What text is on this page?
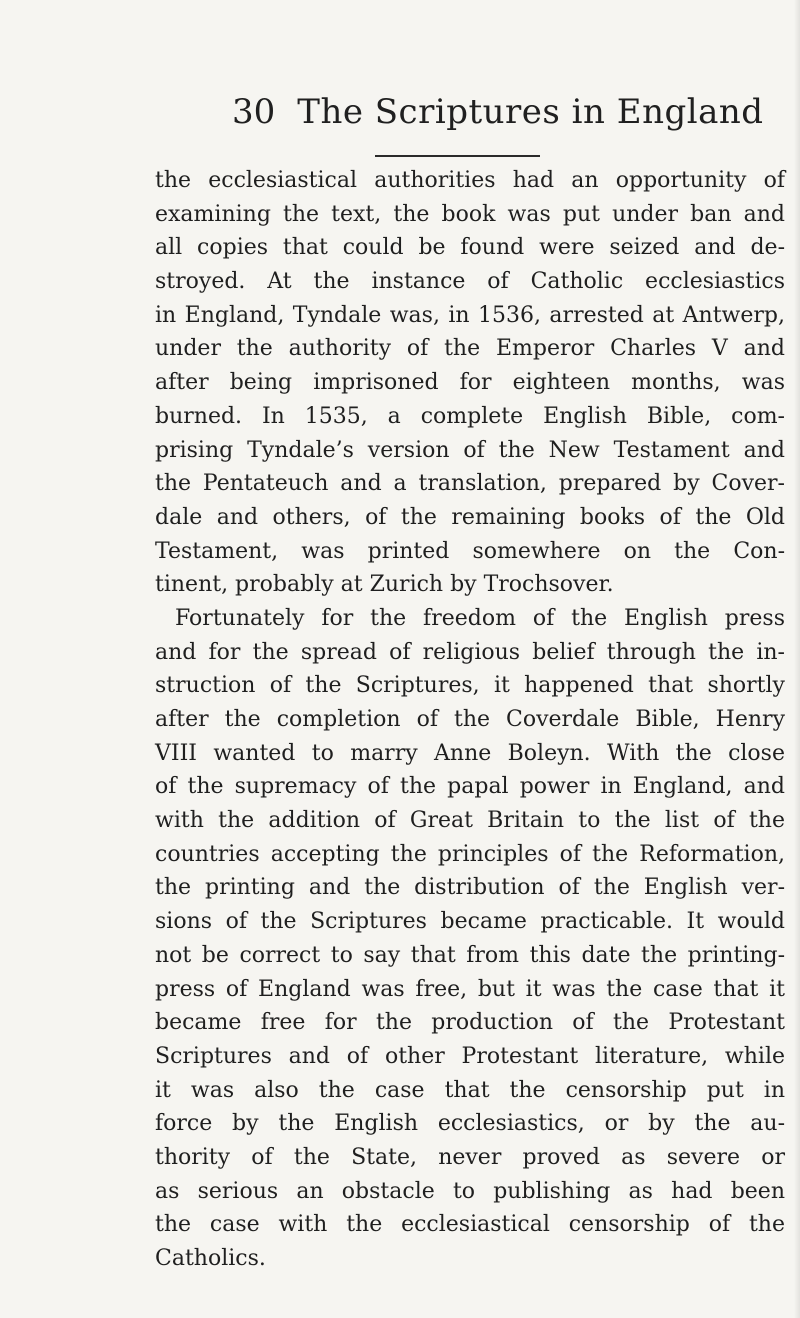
30 The Scriptures in England
the ecclesiastical authorities had an opportunity of
examining the text, the book was put under ban and
all copies that could be found were seized and de-
stroyed. At the instance of Catholic ecclesiastics
in England, Tyndale was, in 1536, arrested at Antwerp,
under the authority of the Emperor Charles V and
after being imprisoned for eighteen months, was
burned. In 1535, a complete English Bible, com-
prising Tyndale’s version of the New Testament and
the Pentateuch and a translation, prepared by Cover-
dale and others, of the remaining books of the Old
Testament, was printed somewhere on the Con-
tinent, probably at Zurich by Trochsover.
Fortunately for the freedom of the English press
and for the spread of religious belief through the in-
struction of the Scriptures, it happened that shortly
after the completion of the Coverdale Bible, Henry
VIII wanted to marry Anne Boleyn. With the close
of the supremacy of the papal power in England, and
with the addition of Great Britain to the list of the
countries accepting the principles of the Reformation,
the printing and the distribution of the English ver-
sions of the Scriptures became practicable. It would
not be correct to say that from this date the printing-
press of England was free, but it was the case that it
became free for the production of the Protestant
Scriptures and of other Protestant literature, while
it was also the case that the censorship put in
force by the English ecclesiastics, or by the au-
thority of the State, never proved as severe or
as serious an obstacle to publishing as had been
the case with the ecclesiastical censorship of the
Catholics.
